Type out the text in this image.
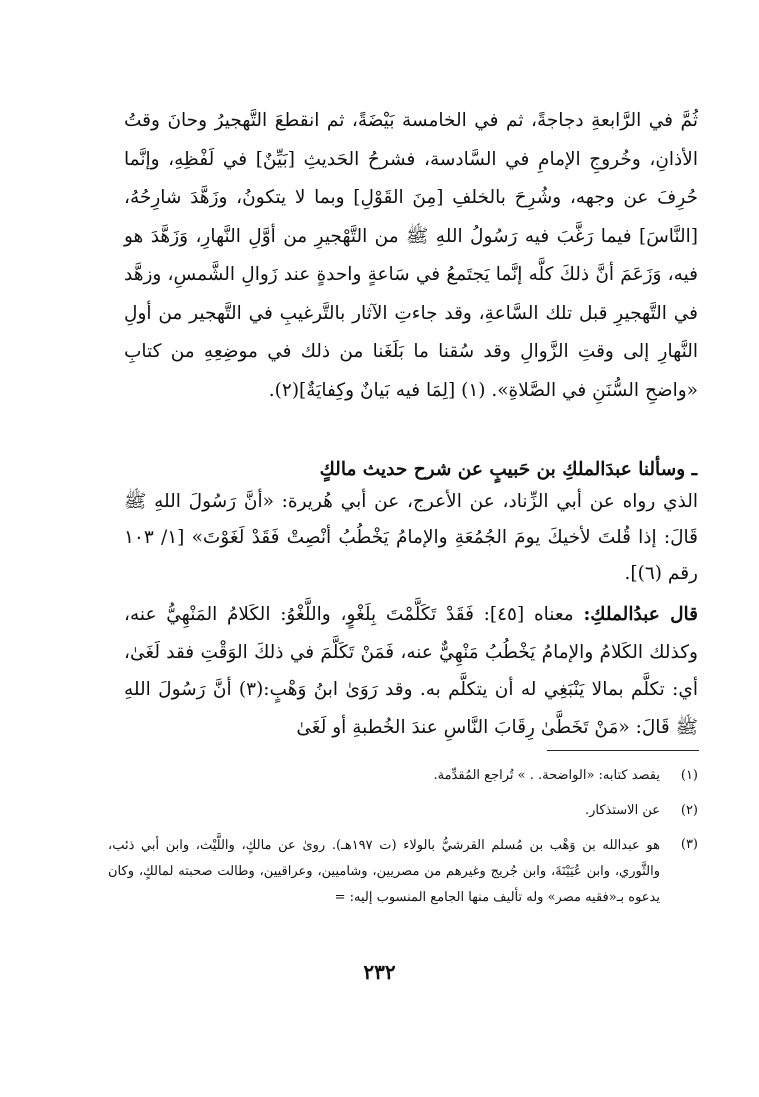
ثُمَّ في الرَّابعةِ دجاجةً، ثم في الخامسة بَيْضَةً، ثم انقطعَ التَّهجيرُ وحانَ وقتُ الأذانِ، وخُروجِ الإمامِ في السَّادسة، فشرحُ الحَديثِ [بَيِّنٌ] في لَفْظِهِ، وإنَّما حُرِفَ عن وجهه، وشُرِحَ بالخلفِ [مِنَ القَوْلِ] وبما لا يتكونُ، وزَهَّدَ شارِحُهُ، [النَّاسَ] فيما رَغَّبَ فيه رَسُولُ اللهِ ﷺ من التَّهْجيرِ من أوَّلِ النَّهارِ، وَزَهَّدَ هو فيه، وَزَعَمَ أنَّ ذلكَ كلَّه إنَّما يَجتَمعُ في سَاعةٍ واحدةٍ عند زَوالِ الشَّمسِ، وزهَّد في التَّهجيرِ قبل تلك السَّاعةِ، وقد جاءتِ الآثار بالتَّرغيبِ في التَّهجير من أولِ النَّهارِ إلى وقتِ الزَّوالِ وقد سُقنا ما بَلَغَنا من ذلك في موضِعِهِ من كتابِ «واضحِ السُّنَنِ في الصَّلاةِ». (١) [لِمَا فيه بَيانٌ وكِفايَةٌ](٢).

ـ وسألنا عبدَالملكِ بن حَبيبٍ عن شرح حديث مالكٍ

الذي رواه عن أبي الزِّناد، عن الأعرج، عن أبي هُريرة: «أنَّ رَسُولَ اللهِ ﷺ قَالَ: إذا قُلتَ لأخيكَ يومَ الجُمُعَةِ والإمامُ يَخْطُبُ أنْصِتْ فَقَدْ لَغَوْتَ» [١/ ١٠٣ رقم (٦)].

قال عبدُالملكِ: معناه [٤٥]: فَقَدْ تَكَلَّمْتَ بِلَغْوٍ، واللَّغْوُ: الكَلامُ المَنْهِيُّ عنه، وكذلك الكَلامُ والإمامُ يَخْطُبُ مَنْهِيٌّ عنه، فَمَنْ تَكَلَّمَ في ذلكَ الوَقْتِ فقد لَغَىٰ، أي: تكلَّم بمالا يَنْبَغِي له أن يتكلَّم به. وقد رَوَىٰ ابنُ وَهْبٍ:(٣) أنَّ رَسُولَ اللهِ ﷺ قَالَ: «مَنْ تَخَطَّىٰ رِقَابَ النَّاسِ عندَ الخُطبةِ أو لَغَىٰ

(١)
يقصد كتابه: «الواضحة. . » تُراجع المُقدِّمة.
(٢)
عن الاستذكار.
(٣)
هو عبدالله بن وَهْب بن مُسلم القرشيُّ بالولاء (ت ١٩٧هـ). روىٰ عن مالكٍ، واللَّيْث، وابن أبي ذئب، والثَّوري، وابن عُيَيْنَةَ، وابن جُريج وغيرهم من مصريين، وشاميين، وعراقيين، وطالت صحبته لمالكٍ، وكان يدعوه بـ«فقيه مصر» وله تأليف منها الجامع المنسوب إليه: =
٢٣٢
